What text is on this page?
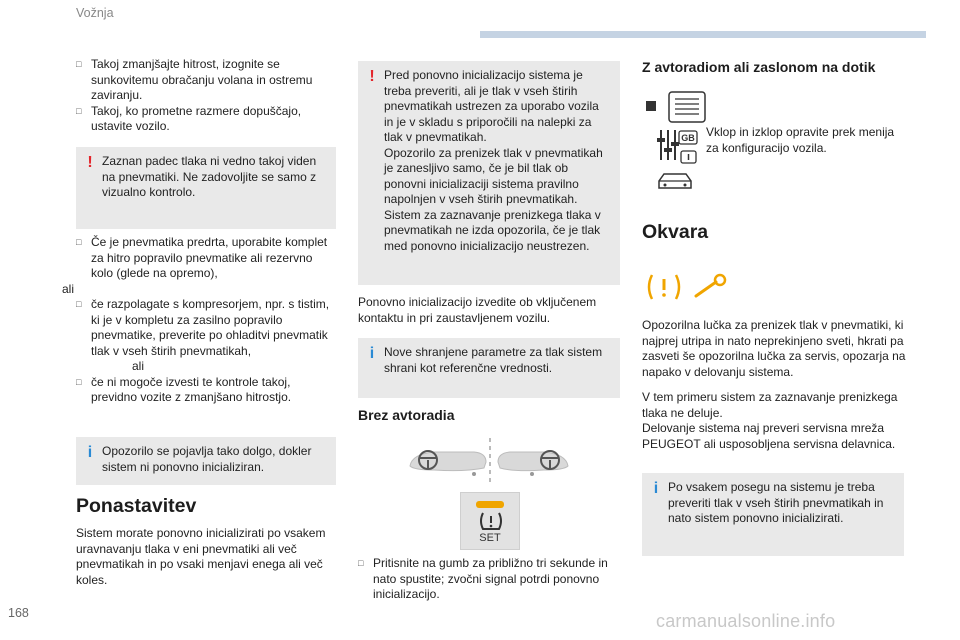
Vožnja
168	carmanualsonline.info
□ Takoj zmanjšajte hitrost, izognite se sunkovitemu obračanju volana in ostremu zaviranju.
□ Takoj, ko prometne razmere dopuščajo, ustavite vozilo.
! Zaznan padec tlaka ni vedno takoj viden na pnevmatiki. Ne zadovoljite se samo z vizualno kontrolo.
□ Če je pnevmatika predrta, uporabite komplet za hitro popravilo pnevmatike ali rezervno kolo (glede na opremo),

ali

□ če razpolagate s kompresorjem, npr. s tistim, ki je v kompletu za zasilno popravilo pnevmatike, preverite po ohladitvi pnevmatik tlak v vseh štirih pnevmatikah,

ali

□ če ni mogoče izvesti te kontrole takoj, previdno vozite z zmanjšano hitrostjo.
i Opozorilo se pojavlja tako dolgo, dokler sistem ni ponovno inicializiran.
Ponastavitev

Sistem morate ponovno inicializirati po vsakem uravnavanju tlaka v eni pnevmatiki ali več pnevmatikah in po vsaki menjavi enega ali več koles.

! Pred ponovno inicializacijo sistema je treba preveriti, ali je tlak v vseh štirih pnevmatikah ustrezen za uporabo vozila in je v skladu s priporočili na nalepki za tlak v pnevmatikah.
Opozorilo za prenizek tlak v pnevmatikah je zanesljivo samo, če je bil tlak ob ponovni inicializaciji sistema pravilno napolnjen v vseh štirih pnevmatikah.
Sistem za zaznavanje prenizkega tlaka v pnevmatikah ne izda opozorila, če je tlak med ponovno inicializacijo neustrezen.

Ponovno inicializacijo izvedite ob vključenem kontaktu in pri zaustavljenem vozilu.

i Nove shranjene parametre za tlak sistem shrani kot referenčne vrednosti.
Brez avtoradia
SET
□ Pritisnite na gumb za približno tri sekunde in nato spustite; zvočni signal potrdi ponovno inicializacijo.
Z avtoradiom ali zaslonom na dotik
GB Vklop in izklop opravite prek menija za konfiguracijo vozila.

Okvara

Opozorilna lučka za prenizek tlak v pnevmatiki, ki najprej utripa in nato neprekinjeno sveti, hkrati pa zasveti še opozorilna lučka za servis, opozarja na napako v delovanju sistema.

V tem primeru sistem za zaznavanje prenizkega tlaka ne deluje.

Delovanje sistema naj preveri servisna mreža PEUGEOT ali usposobljena servisna delavnica.

i Po vsakem posegu na sistemu je treba preveriti tlak v vseh štirih pnevmatikah in nato sistem ponovno inicializirati.
